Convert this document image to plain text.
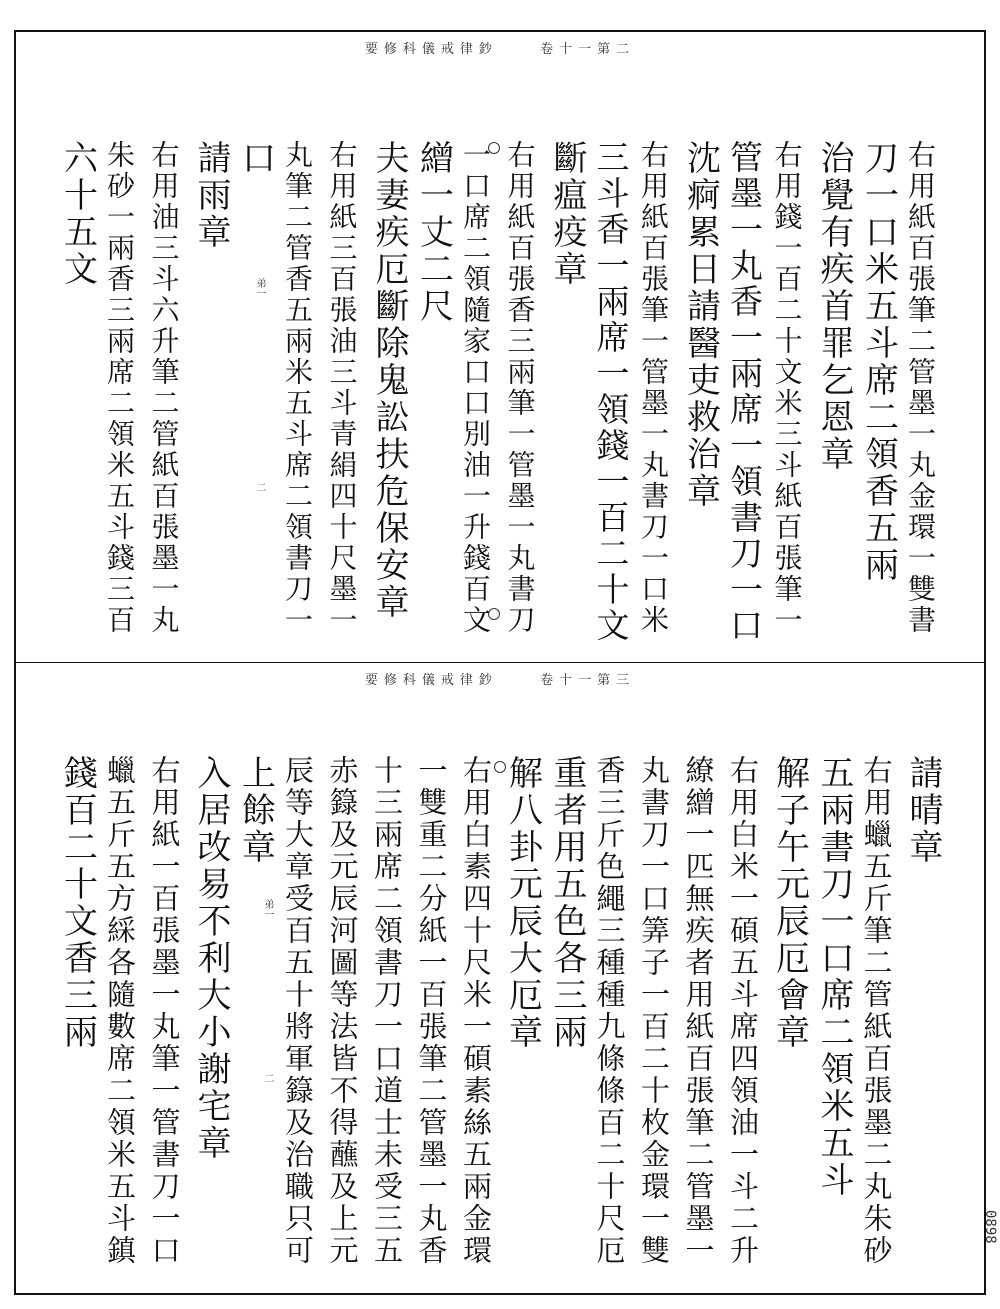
要修科儀戒律鈔	卷十一第二
右用紙百張筆二管墨一丸金環一雙書
刀一口米五斗席二領香五兩
治覺有疾首罪乞恩章
右用錢一百二十文米三斗紙百張筆一
管墨一丸香一兩席一領書刀一口
沈痾累日請醫吏救治章
右用紙百張筆一管墨一丸書刀一口米
三斗香一兩席一領錢一百二十文
斷瘟疫章
右用紙百張香三兩筆一管墨一丸書刀
一口席二領隨家口口別油一升錢百文
繒一丈二尺
夫妻疾厄斷除鬼訟扶危保安章
右用紙三百張油三斗青絹四十尺墨一
丸筆二管香五兩米五斗席二領書刀一
口
請雨章
右用油三斗六升筆二管紙百張墨一丸
朱砂一兩香三兩席二領米五斗錢三百
六十五文	弟一
二
要修科儀戒律鈔	卷十一第三
請晴章
右用蠟五斤筆二管紙百張墨二丸朱砂
五兩書刀一口席二領米五斗
解子午元辰厄會章
右用白米一碩五斗席四領油一斗二升
繚繒一匹無疾者用紙百張筆二管墨一
丸書刀一口筭子一百二十枚金環一雙
香三斤色繩三種種九條條百二十尺厄
重者用五色各三兩
解八卦元辰大厄章
右用白素四十尺米一碩素絲五兩金環
一雙重二分紙一百張筆二管墨一丸香
十三兩席二領書刀一口道士未受三五
赤籙及元辰河圖等法皆不得蘸及上元
辰等大章受百五十將軍籙及治職只可
上餘章
入居改易不利大小謝宅章
右用紙一百張墨一丸筆一管書刀一口
蠟五斤五方綵各隨數席二領米五斗鎮
錢百二十文香三兩	弟一
二
0898
